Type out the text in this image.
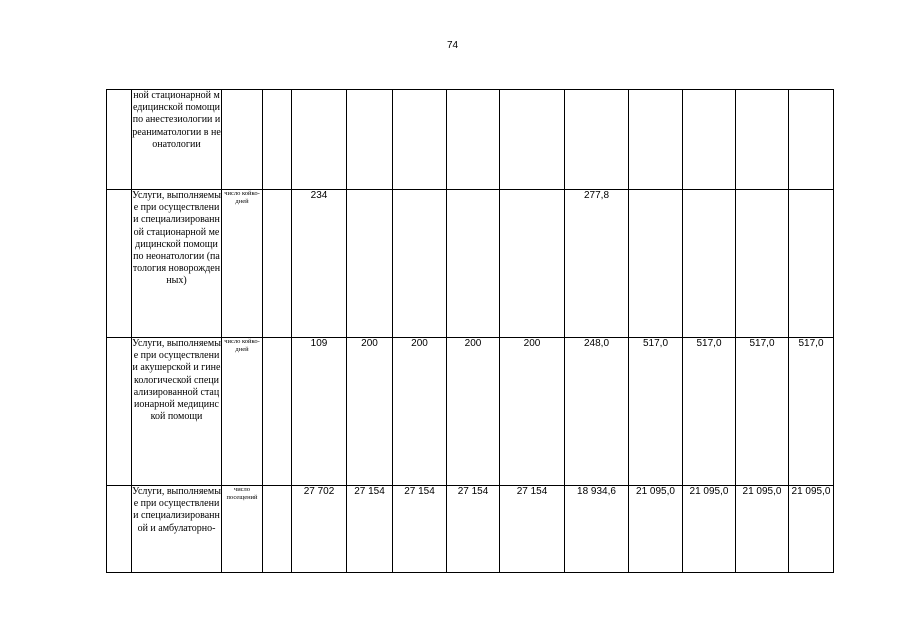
74
	ной стационарной медицинской помощи по анестезиологии и реаниматологии в неонатологии												
	Услуги, выполняемые при осуществлении специализированной стационарной медицинской помощи по неонатологии (патология новорожденных)	число койко-дней		234					277,8				
	Услуги, выполняемые при осуществлении акушерской и гинекологической специализированной стационарной медицинской помощи	число койко-дней		109	200	200	200	200	248,0	517,0	517,0	517,0	517,0
	Услуги, выполняемые при осуществлении специализированной и амбулаторно-	число посещений		27 702	27 154	27 154	27 154	27 154	18 934,6	21 095,0	21 095,0	21 095,0	21 095,0
